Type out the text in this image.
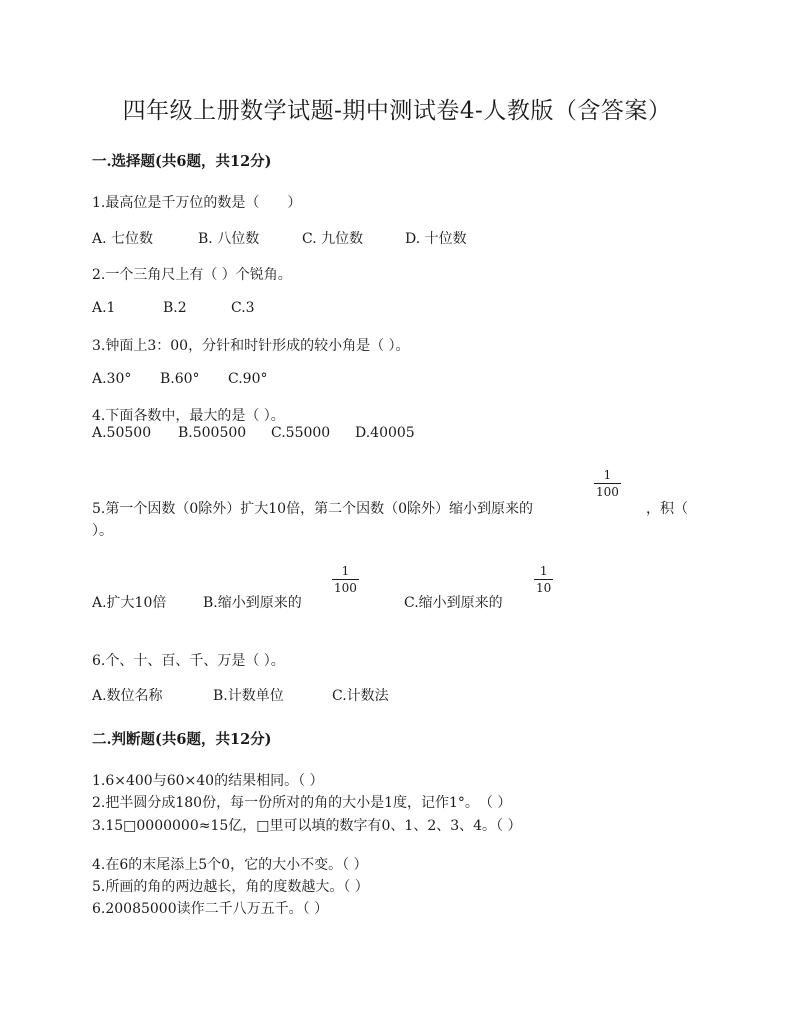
四年级上册数学试题-期中测试卷4-人教版（含答案）
一.选择题(共6题，共12分)
1.最高位是千万位的数是（　　）
A. 七位数	B. 八位数	C. 九位数	D. 十位数
2.一个三角尺上有（ ）个锐角。
A.1	B.2	C.3
3.钟面上3：00，分针和时针形成的较小角是（ ）。
A.30° B.60° C.90°
4.下面各数中，最大的是（ ）。
A.50500 B.500500 C.55000 D.40005
5.第一个因数（0除外）扩大10倍，第二个因数（0除外）缩小到原来的
1
100
，积（
）。
A.扩大10倍	B.缩小到原来的
1
100
C.缩小到原来的
1
10
6.个、十、百、千、万是（ ）。
A.数位名称	B.计数单位	C.计数法
二.判断题(共6题，共12分)
1.6×400与60×40的结果相同。（ ）
2.把半圆分成180份，每一份所对的角的大小是1度，记作1°。　（ ）
3.15□0000000≈15亿，□里可以填的数字有0、1、2、3、4。（ ）
4.在6的末尾添上5个0，它的大小不变。（ ）
5.所画的角的两边越长，角的度数越大。（ ）
6.20085000读作二千八万五千。（ ）
